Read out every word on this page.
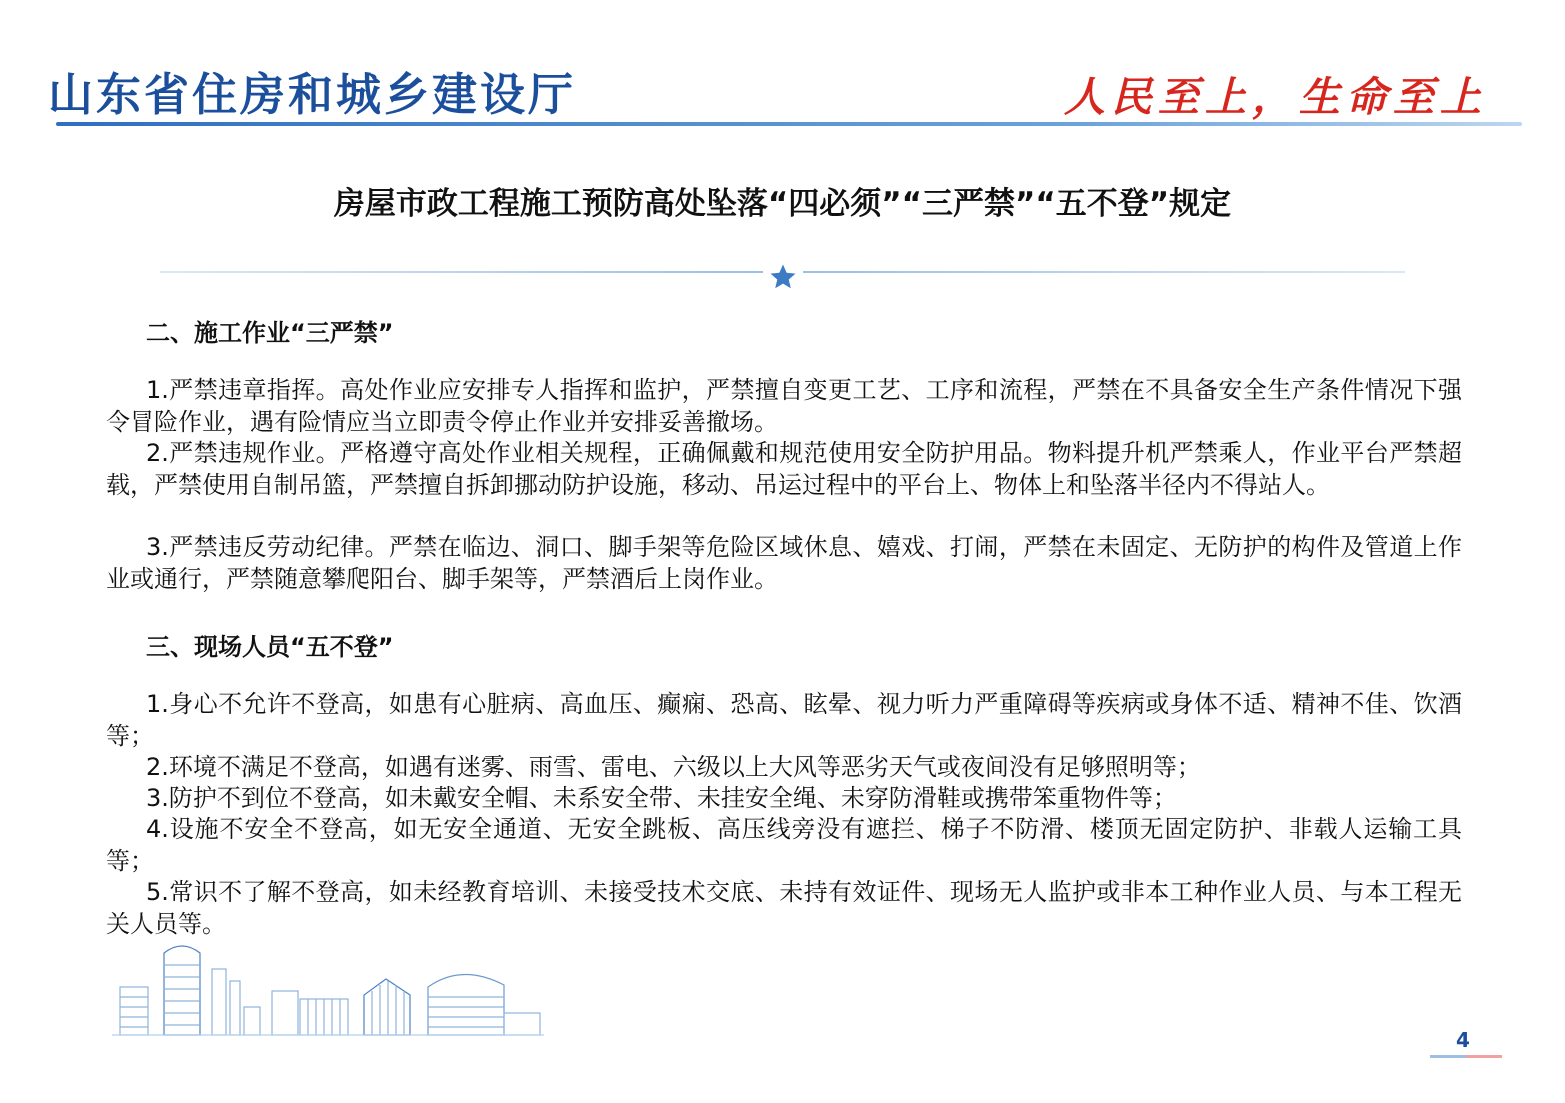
山东省住房和城乡建设厅	人民至上，生命至上
房屋市政工程施工预防高处坠落“四必须”“三严禁”“五不登”规定
二、施工作业“三严禁”
1.严禁违章指挥。高处作业应安排专人指挥和监护，严禁擅自变更工艺、工序和流程，严禁在不具备安全生产条件情况下强令冒险作业，遇有险情应当立即责令停止作业并安排妥善撤场。
2.严禁违规作业。严格遵守高处作业相关规程，正确佩戴和规范使用安全防护用品。物料提升机严禁乘人，作业平台严禁超载，严禁使用自制吊篮，严禁擅自拆卸挪动防护设施，移动、吊运过程中的平台上、物体上和坠落半径内不得站人。
3.严禁违反劳动纪律。严禁在临边、洞口、脚手架等危险区域休息、嬉戏、打闹，严禁在未固定、无防护的构件及管道上作业或通行，严禁随意攀爬阳台、脚手架等，严禁酒后上岗作业。
三、现场人员“五不登”
1.身心不允许不登高，如患有心脏病、高血压、癫痫、恐高、眩晕、视力听力严重障碍等疾病或身体不适、精神不佳、饮酒等；
2.环境不满足不登高，如遇有迷雾、雨雪、雷电、六级以上大风等恶劣天气或夜间没有足够照明等；
3.防护不到位不登高，如未戴安全帽、未系安全带、未挂安全绳、未穿防滑鞋或携带笨重物件等；
4.设施不安全不登高，如无安全通道、无安全跳板、高压线旁没有遮拦、梯子不防滑、楼顶无固定防护、非载人运输工具等；
5.常识不了解不登高，如未经教育培训、未接受技术交底、未持有效证件、现场无人监护或非本工种作业人员、与本工程无关人员等。
4
